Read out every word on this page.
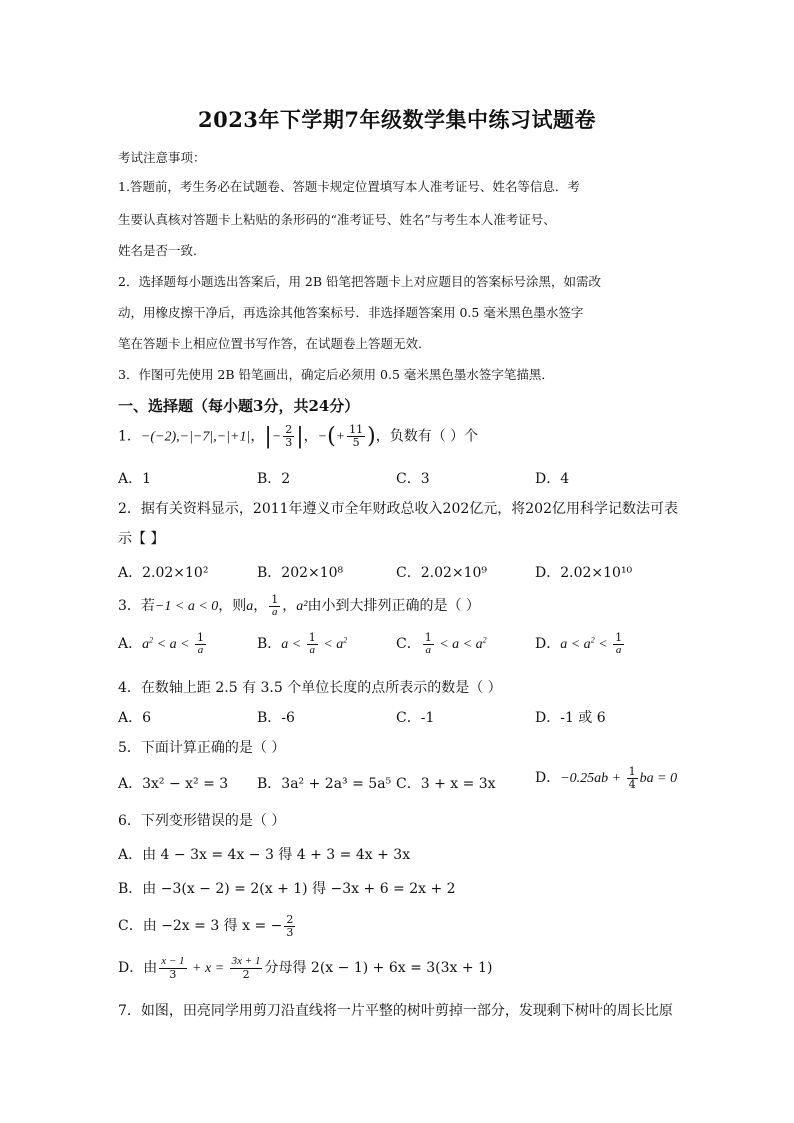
2023年下学期7年级数学集中练习试题卷
考试注意事项：
1.答题前，考生务必在试题卷、答题卡规定位置填写本人准考证号、姓名等信息．考
生要认真核对答题卡上粘贴的条形码的“准考证号、姓名”与考生本人准考证号、
姓名是否一致．
2．选择题每小题选出答案后，用 2B 铅笔把答题卡上对应题目的答案标号涂黑，如需改
动，用橡皮擦干净后，再选涂其他答案标号．非选择题答案用 0.5 毫米黑色墨水签字
笔在答题卡上相应位置书写作答，在试题卷上答题无效．
3．作图可先使用 2B 铅笔画出，确定后必须用 0.5 毫米黑色墨水签字笔描黑．
一、选择题（每小题3分，共24分）
1．−(−2),−|−7|,−|+1|，|− $\frac{2}{3}$ |，−(+ $\frac{11}{5}$ )，负数有（ ）个
A．1	B．2	C．3	D．4
2．据有关资料显示，2011年遵义市全年财政总收入202亿元，将202亿用科学记数法可表
示【 】
A．2.02×10²	B．202×10⁸	C．2.02×10⁹	D．2.02×10¹⁰
3．若−1 < a < 0，则a， $\frac{1}{a}$ ，a²由小到大排列正确的是（ ）
A．$a^2 < a < \frac{1}{a}$	B．$a < \frac{1}{a} < a^2$	C． $\frac{1}{a} < a < a^2$	D．$a < a^2 < \frac{1}{a}$
4．在数轴上距 2.5 有 3.5 个单位长度的点所表示的数是（ ）
A．6	B．-6	C．-1	D．-1 或 6
5．下面计算正确的是（ ）
A．3x² − x² = 3 B．3a² + 2a³ = 5a⁵ C．3 + x = 3x	D．$-0.25ab + \frac{1}{4}$ ba = 0
6．下列变形错误的是（ ）
A．由 4 − 3x = 4x − 3 得 4 + 3 = 4x + 3x
B．由 −3(x − 2) = 2(x + 1) 得 −3x + 6 = 2x + 2
C．由 −2x = 3 得 x = − $\frac{2}{3}$
D．由 $\frac{x - 1}{3} + x = \frac{3x + 1}{2}$ 分母得 2(x − 1) + 6x = 3(3x + 1)
7．如图，田亮同学用剪刀沿直线将一片平整的树叶剪掉一部分，发现剩下树叶的周长比原
